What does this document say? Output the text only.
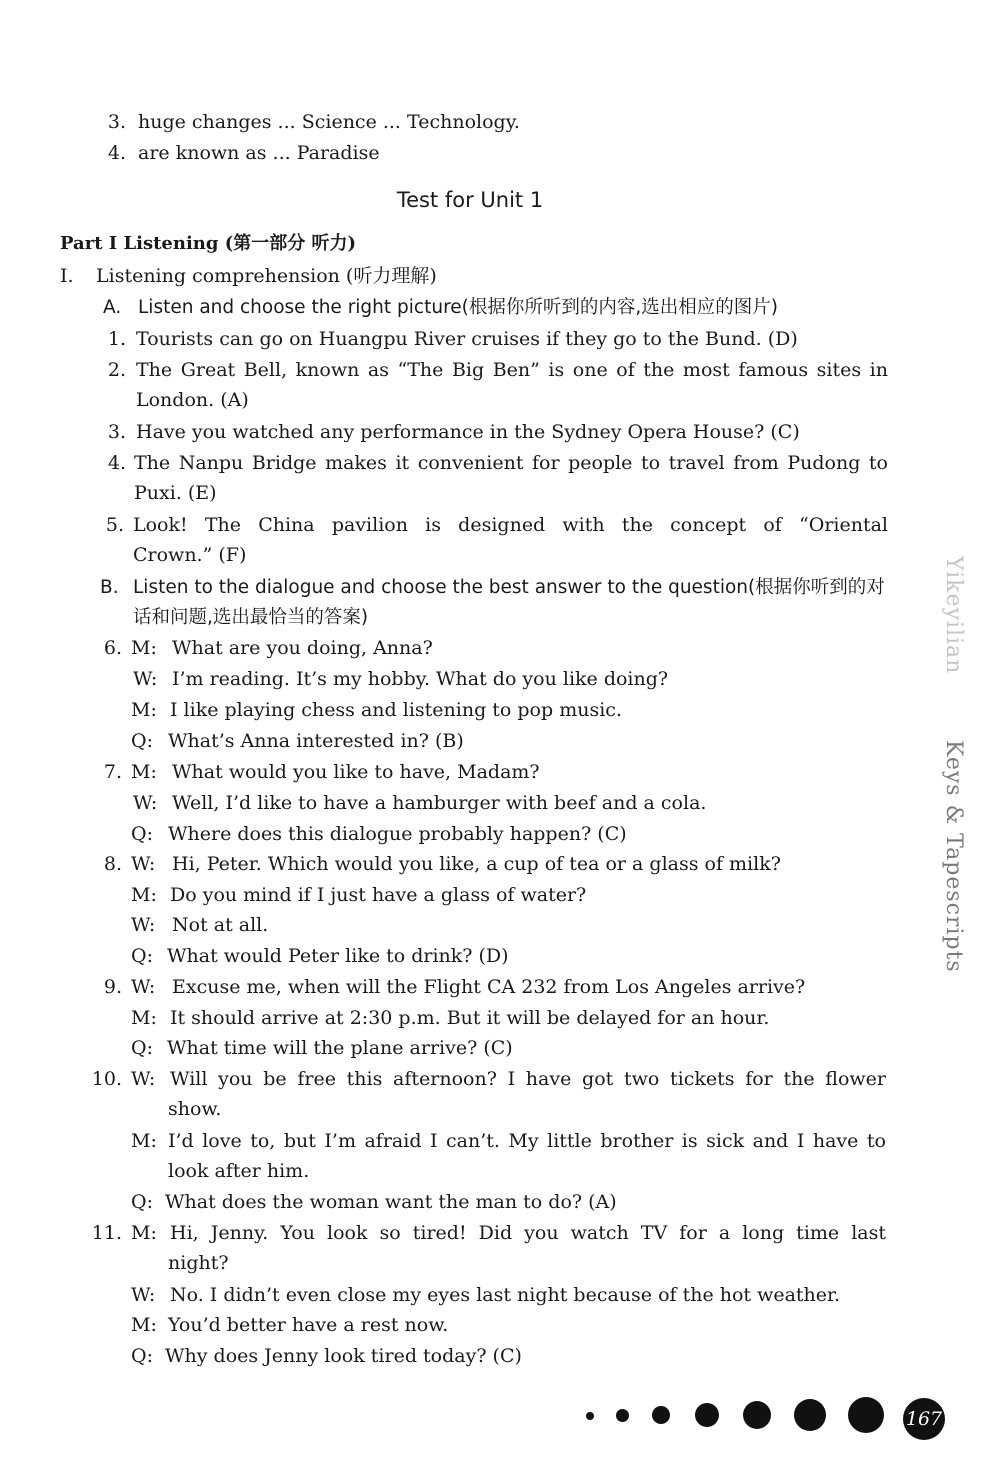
3. huge changes ... Science ... Technology.
4. are known as ... Paradise
Test for Unit 1
Part I Listening (第一部分 听力)
I. Listening comprehension (听力理解)
A. Listen and choose the right picture(根据你所听到的内容,选出相应的图片)
1. Tourists can go on Huangpu River cruises if they go to the Bund. (D)
2. The Great Bell, known as “The Big Ben” is one of the most famous sites in
London. (A)
3. Have you watched any performance in the Sydney Opera House? (C)
4. The Nanpu Bridge makes it convenient for people to travel from Pudong to
Puxi. (E)
5. Look! The China pavilion is designed with the concept of “Oriental
Crown.” (F)
B. Listen to the dialogue and choose the best answer to the question(根据你听到的对
话和问题,选出最恰当的答案)
6. M: What are you doing, Anna?
W: I’m reading. It’s my hobby. What do you like doing?
M: I like playing chess and listening to pop music.
Q: What’s Anna interested in? (B)
7. M: What would you like to have, Madam?
W: Well, I’d like to have a hamburger with beef and a cola.
Q: Where does this dialogue probably happen? (C)
8. W: Hi, Peter. Which would you like, a cup of tea or a glass of milk?
M: Do you mind if I just have a glass of water?
W: Not at all.
Q: What would Peter like to drink? (D)
9. W: Excuse me, when will the Flight CA 232 from Los Angeles arrive?
M: It should arrive at 2:30 p.m. But it will be delayed for an hour.
Q: What time will the plane arrive? (C)
10. W: Will you be free this afternoon? I have got two tickets for the flower
show.
M: I’d love to, but I’m afraid I can’t. My little brother is sick and I have to
look after him.
Q: What does the woman want the man to do? (A)
11. M: Hi, Jenny. You look so tired! Did you watch TV for a long time last
night?
W: No. I didn’t even close my eyes last night because of the hot weather.
M: You’d better have a rest now.
Q: Why does Jenny look tired today? (C)
Yikeyilian
Keys & Tapescripts
167
